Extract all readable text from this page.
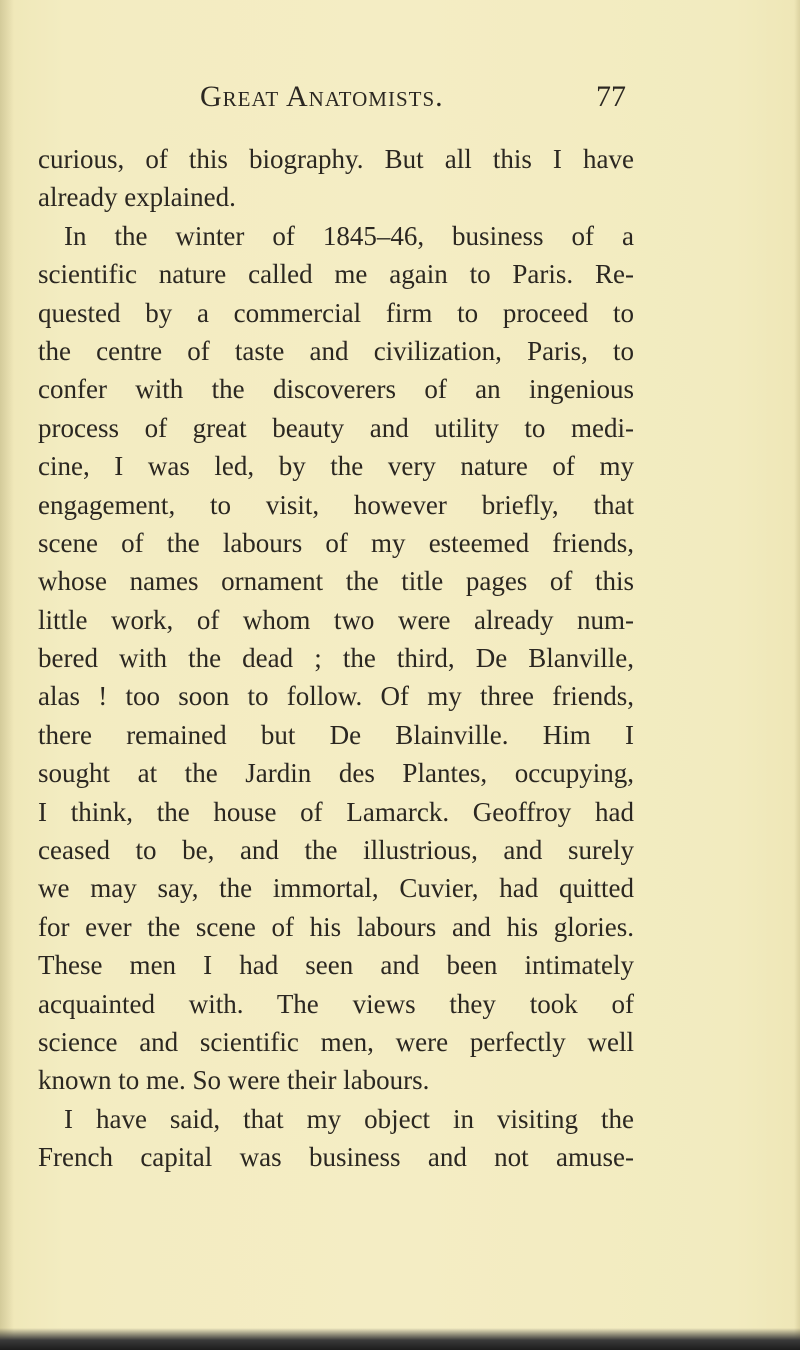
Great Anatomists.	77
curious, of this biography. But all this I have
already explained.
In the winter of 1845–46, business of a
scientific nature called me again to Paris. Re-
quested by a commercial firm to proceed to
the centre of taste and civilization, Paris, to
confer with the discoverers of an ingenious
process of great beauty and utility to medi-
cine, I was led, by the very nature of my
engagement, to visit, however briefly, that
scene of the labours of my esteemed friends,
whose names ornament the title pages of this
little work, of whom two were already num-
bered with the dead ; the third, De Blanville,
alas ! too soon to follow. Of my three friends,
there remained but De Blainville. Him I
sought at the Jardin des Plantes, occupying,
I think, the house of Lamarck. Geoffroy had
ceased to be, and the illustrious, and surely
we may say, the immortal, Cuvier, had quitted
for ever the scene of his labours and his glories.
These men I had seen and been intimately
acquainted with. The views they took of
science and scientific men, were perfectly well
known to me. So were their labours.
I have said, that my object in visiting the
French capital was business and not amuse-
